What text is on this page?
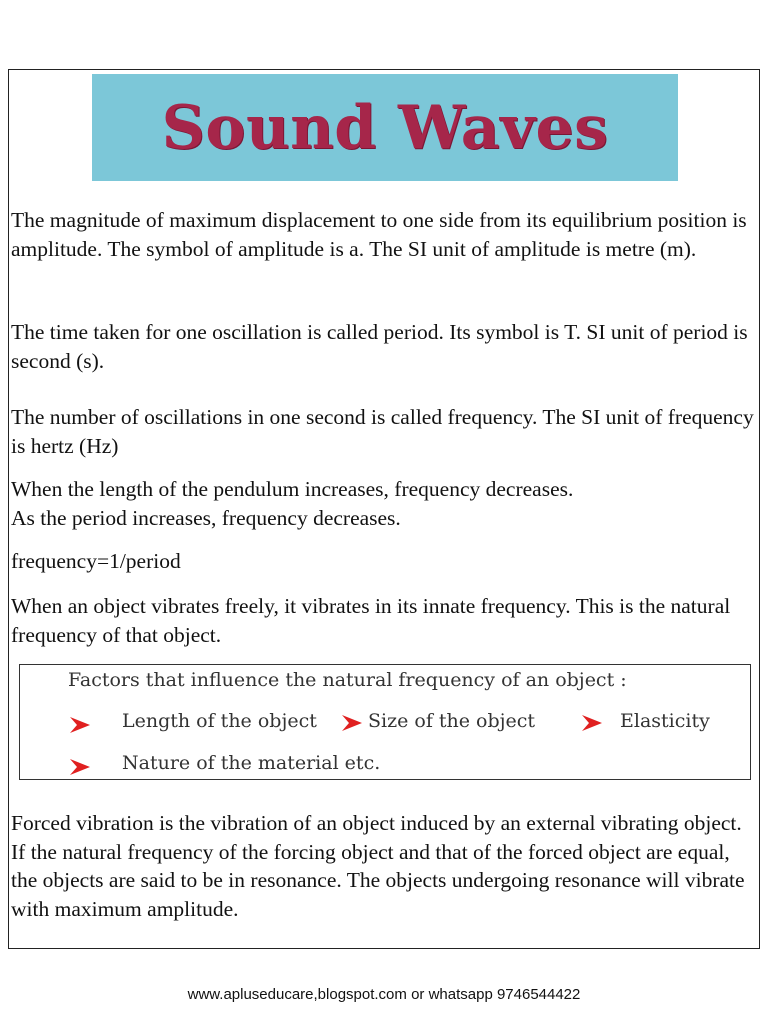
Sound Waves

The magnitude of maximum displacement to one side from its equilibrium position is amplitude. The symbol of amplitude is a. The SI unit of amplitude is metre (m).

The time taken for one oscillation is called period. Its symbol is T. SI unit of period is second (s).

The number of oscillations in one second is called frequency. The SI unit of frequency is hertz (Hz)

When the length of the pendulum increases, frequency decreases.
As the period increases, frequency decreases.

frequency=1/period

When an object vibrates freely, it vibrates in its innate frequency. This is the natural frequency of that object.

Factors that influence the natural frequency of an object :
Length of the object	Size of the object	Elasticity
Nature of the material etc.

Forced vibration is the vibration of an object induced by an external vibrating object.
If the natural frequency of the forcing object and that of the forced object are equal, the objects are said to be in resonance. The objects undergoing resonance will vibrate with maximum amplitude.

www.apluseducare,blogspot.com or whatsapp 9746544422
